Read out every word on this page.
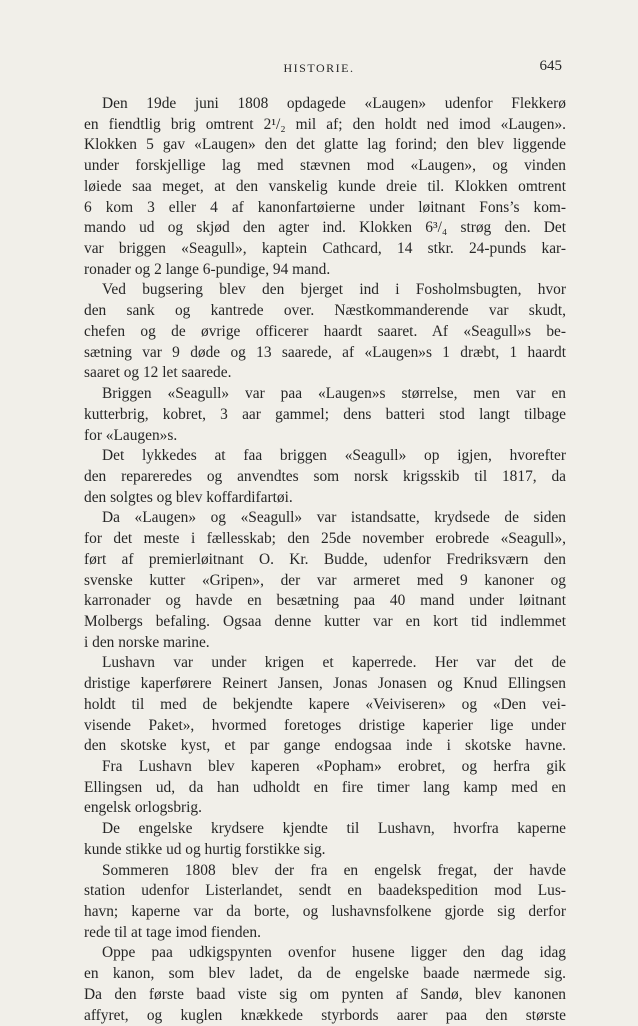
HISTORIE.	645
Den 19de juni 1808 opdagede «Laugen» udenfor Flekkerø
en fiendtlig brig omtrent 2¹/₂ mil af; den holdt ned imod «Laugen».
Klokken 5 gav «Laugen» den det glatte lag forind; den blev liggende
under forskjellige lag med stævnen mod «Laugen», og vinden
løiede saa meget, at den vanskelig kunde dreie til. Klokken omtrent
6 kom 3 eller 4 af kanonfartøierne under løitnant Fons’s kom-
mando ud og skjød den agter ind. Klokken 6³/₄ strøg den. Det
var briggen «Seagull», kaptein Cathcard, 14 stkr. 24-punds kar-
ronader og 2 lange 6-pundige, 94 mand.
Ved bugsering blev den bjerget ind i Fosholmsbugten, hvor
den sank og kantrede over. Næstkommanderende var skudt,
chefen og de øvrige officerer haardt saaret. Af «Seagull»s be-
sætning var 9 døde og 13 saarede, af «Laugen»s 1 dræbt, 1 haardt
saaret og 12 let saarede.
Briggen «Seagull» var paa «Laugen»s størrelse, men var en
kutterbrig, kobret, 3 aar gammel; dens batteri stod langt tilbage
for «Laugen»s.
Det lykkedes at faa briggen «Seagull» op igjen, hvorefter
den repareredes og anvendtes som norsk krigsskib til 1817, da
den solgtes og blev koffardifartøi.
Da «Laugen» og «Seagull» var istandsatte, krydsede de siden
for det meste i fællesskab; den 25de november erobrede «Seagull»,
ført af premierløitnant O. Kr. Budde, udenfor Fredriksværn den
svenske kutter «Gripen», der var armeret med 9 kanoner og
karronader og havde en besætning paa 40 mand under løitnant
Molbergs befaling. Ogsaa denne kutter var en kort tid indlemmet
i den norske marine.
Lushavn var under krigen et kaperrede. Her var det de
dristige kaperførere Reinert Jansen, Jonas Jonasen og Knud Ellingsen
holdt til med de bekjendte kapere «Veiviseren» og «Den vei-
visende Paket», hvormed foretoges dristige kaperier lige under
den skotske kyst, et par gange endogsaa inde i skotske havne.
Fra Lushavn blev kaperen «Popham» erobret, og herfra gik
Ellingsen ud, da han udholdt en fire timer lang kamp med en
engelsk orlogsbrig.
De engelske krydsere kjendte til Lushavn, hvorfra kaperne
kunde stikke ud og hurtig forstikke sig.
Sommeren 1808 blev der fra en engelsk fregat, der havde
station udenfor Listerlandet, sendt en baadekspedition mod Lus-
havn; kaperne var da borte, og lushavnsfolkene gjorde sig derfor
rede til at tage imod fienden.
Oppe paa udkigspynten ovenfor husene ligger den dag idag
en kanon, som blev ladet, da de engelske baade nærmede sig.
Da den første baad viste sig om pynten af Sandø, blev kanonen
affyret, og kuglen knækkede styrbords aarer paa den største
